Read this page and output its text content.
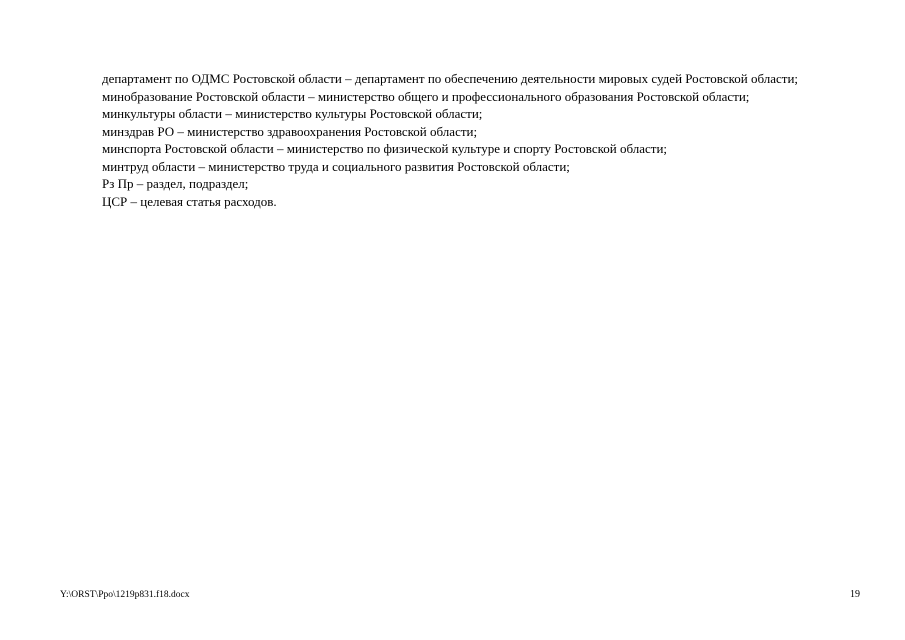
департамент по ОДМС Ростовской области – департамент по обеспечению деятельности мировых судей Ростовской области;

минобразование Ростовской области – министерство общего и профессионального образования Ростовской области;

минкультуры области – министерство культуры Ростовской области;

минздрав РО – министерство здравоохранения Ростовской области;

минспорта Ростовской области – министерство по физической культуре и спорту Ростовской области;

минтруд области – министерство труда и социального развития Ростовской области;

Рз Пр – раздел, подраздел;

ЦСР – целевая статья расходов.

Y:\ORST\Ppo\1219p831.f18.docx	19
